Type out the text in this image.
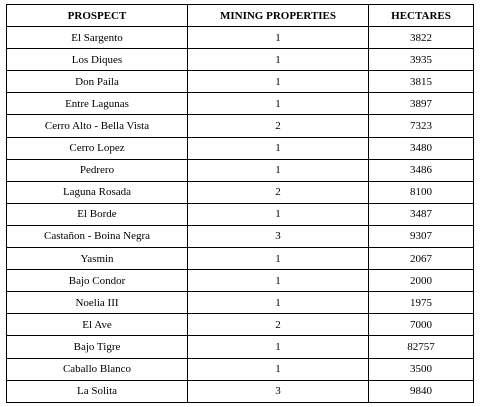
PROSPECT	MINING PROPERTIES	HECTARES
El Sargento	1	3822
Los Diques	1	3935
Don Paila	1	3815
Entre Lagunas	1	3897
Cerro Alto - Bella Vista	2	7323
Cerro Lopez	1	3480
Pedrero	1	3486
Laguna Rosada	2	8100
El Borde	1	3487
Castañon - Boina Negra	3	9307
Yasmin	1	2067
Bajo Condor	1	2000
Noelia III	1	1975
El Ave	2	7000
Bajo Tigre	1	82757
Caballo Blanco	1	3500
La Solita	3	9840
